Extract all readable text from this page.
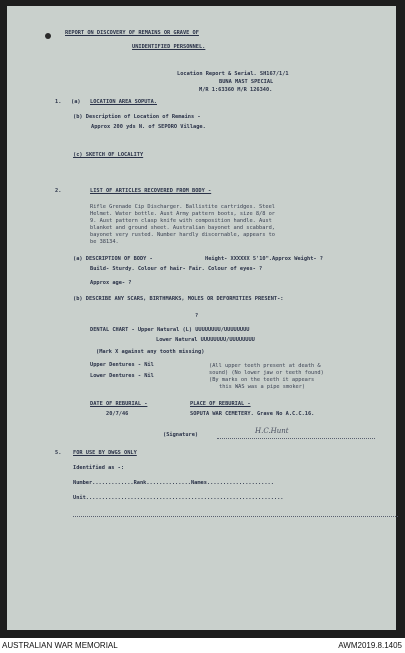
REPORT ON DISCOVERY OF REMAINS OR GRAVE OF
UNIDENTIFIED PERSONNEL.
Location Report & Serial. SH167/1/1
BUNA MAST SPECIAL
M/R 1:63360 M/R 126340.
1. (a) LOCATION AREA SOPUTA.
(b) Description of Location of Remains -
Approx 200 yds N. of SEPORO Village.
(c) SKETCH OF LOCALITY
2.	LIST OF ARTICLES RECOVERED FROM BODY -
Rifle Grenade Cip Discharger. Ballistite cartridges. Steel
Helmet. Water bottle. Aust Army pattern boots, size 8/8 or
9. Aust pattern clasp knife with composition handle. Aust
blanket and ground sheet. Australian bayonet and scabbard,
bayonet very rusted. Number hardly discernable, appears to
be 38134.
(a) DESCRIPTION OF BODY -	Height- XXXXXX 5'10".Approx Weight- ?
Build- Sturdy. Colour of hair- Fair. Colour of eyes- ?
Approx age- ?
(b) DESCRIBE ANY SCARS, BIRTHMARKS, MOLES OR DEFORMITIES PRESENT-:
?
DENTAL CHART - Upper Natural (L) UUUUUUUU/UUUUUUUU
Lower Natural UUUUUUUU/UUUUUUUU
(Mark X against any tooth missing)
Upper Dentures - Nil
Lower Dentures - Nil
(All upper teeth present at death &
sound) (No lower jaw or teeth found)
(By marks on the teeth it appears
this WAS was a pipe smoker)
DATE OF REBURIAL -	PLACE OF REBURIAL -
20/7/46	SOPUTA WAR CEMETERY. Grave No A.C.C.16.
(Signature)	H.C.Hunt
5. FOR USE BY DWGS ONLY
Identified as -:
Number.............Rank..............Names.....................
Unit..............................................................
AUSTRALIAN WAR MEMORIAL	AWM2019.8.1405
